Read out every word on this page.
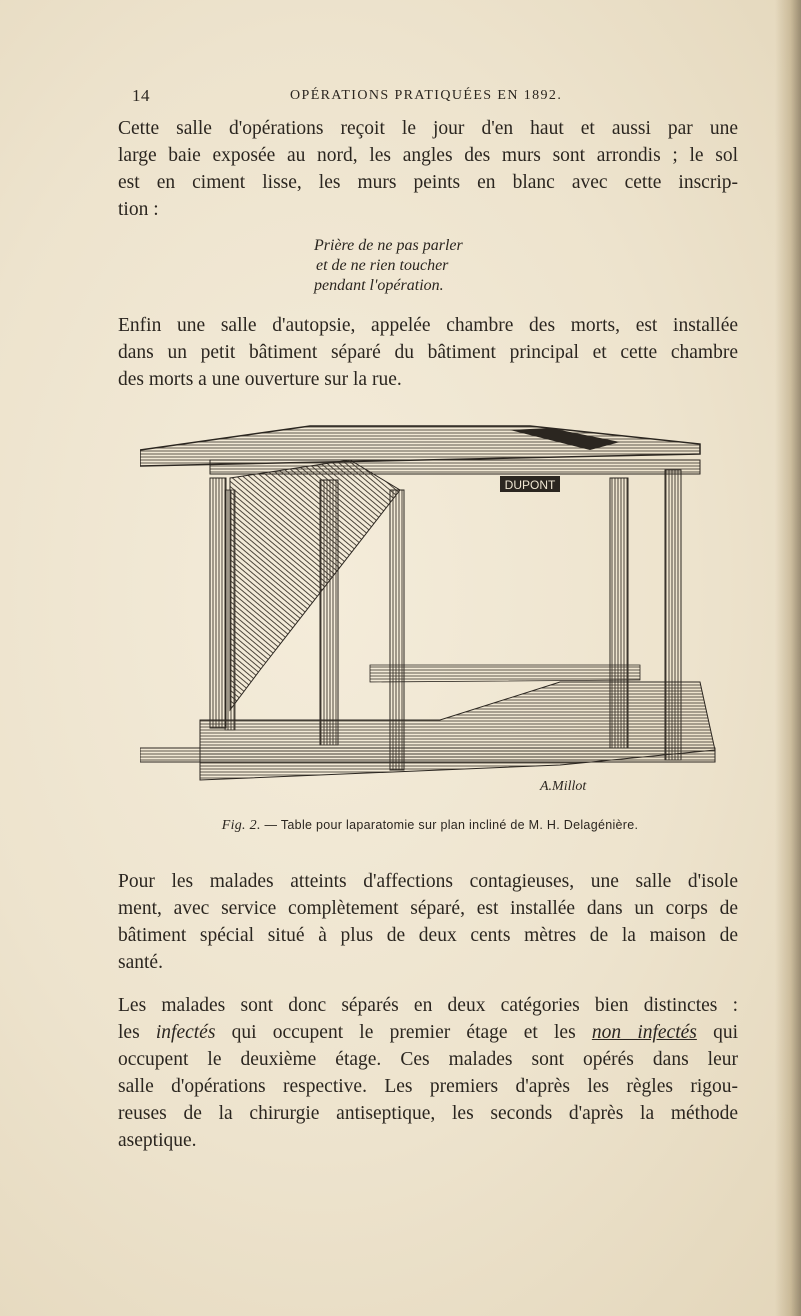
14	OPÉRATIONS PRATIQUÉES EN 1892.
Cette salle d'opérations reçoit le jour d'en haut et aussi par une
large baie exposée au nord, les angles des murs sont arrondis ; le sol
est en ciment lisse, les murs peints en blanc avec cette inscrip-
tion :
Prière de ne pas parler
et de ne rien toucher
pendant l'opération.
Enfin une salle d'autopsie, appelée chambre des morts, est installée
dans un petit bâtiment séparé du bâtiment principal et cette chambre
des morts a une ouverture sur la rue.
DUPONT
A.Millot
Fig. 2. — Table pour laparatomie sur plan incliné de M. H. Delagénière.
Pour les malades atteints d'affections contagieuses, une salle d'isole
ment, avec service complètement séparé, est installée dans un corps de
bâtiment spécial situé à plus de deux cents mètres de la maison de
santé.
Les malades sont donc séparés en deux catégories bien distinctes :
les infectés qui occupent le premier étage et les non infectés qui
occupent le deuxième étage. Ces malades sont opérés dans leur
salle d'opérations respective. Les premiers d'après les règles rigou-
reuses de la chirurgie antiseptique, les seconds d'après la méthode
aseptique.
